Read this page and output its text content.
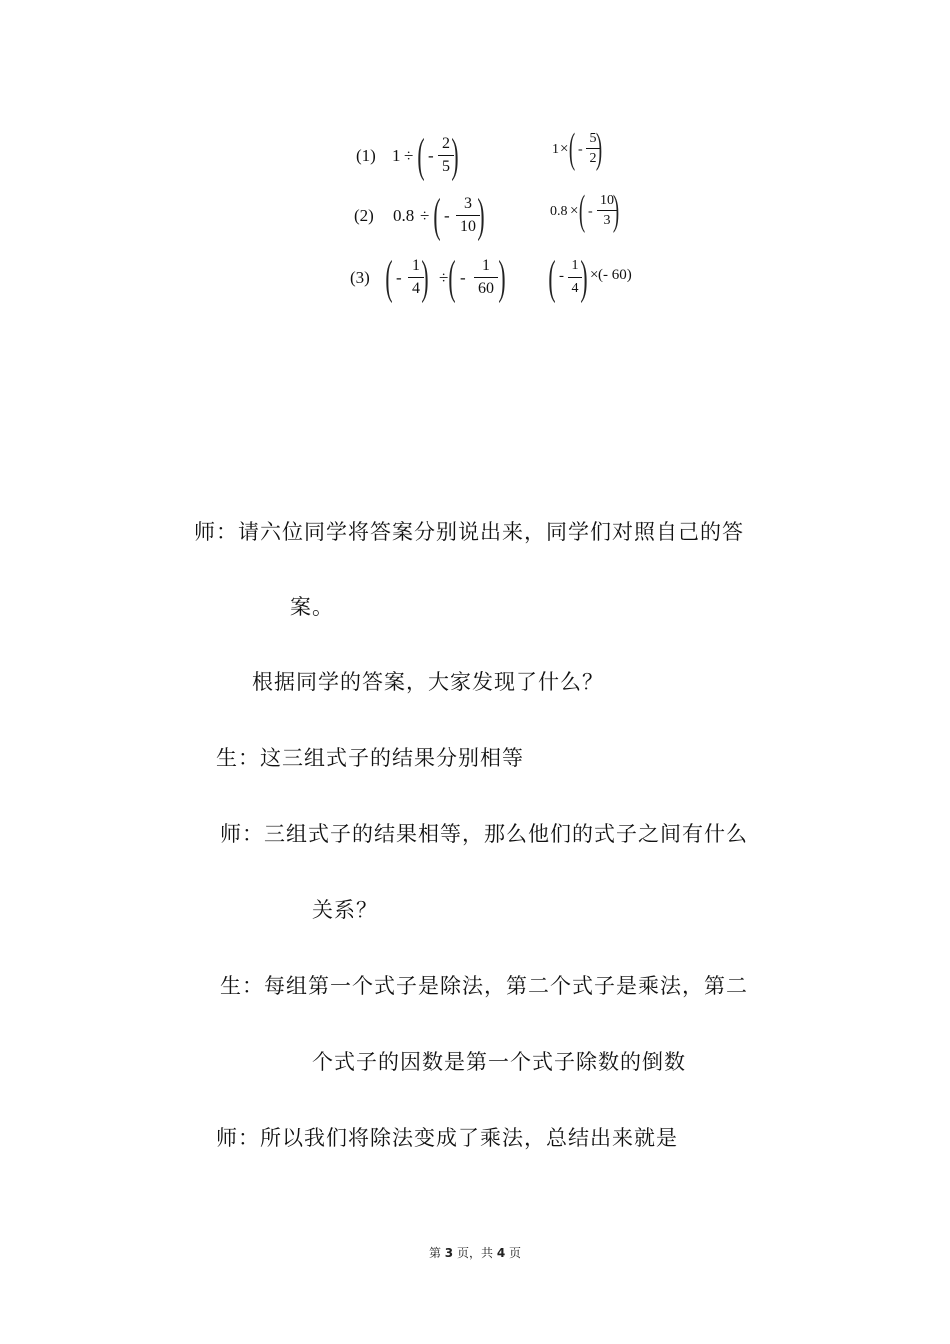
(1) 1 ÷ ( -
2
5 )	1 × ( -
5
2 )
(2) 0.8 ÷ ( -
3
10 )	0.8 × ( -
10
3 )
(3) ( -
1
4 ) ÷ ( -
1
60 ) ( -
1
4 ) × (- 60)
师：请六位同学将答案分别说出来，同学们对照自己的答
案。
根据同学的答案，大家发现了什么？
生：这三组式子的结果分别相等
师：三组式子的结果相等，那么他们的式子之间有什么
关系？
生：每组第一个式子是除法，第二个式子是乘法，第二
个式子的因数是第一个式子除数的倒数
师：所以我们将除法变成了乘法，总结出来就是
第 3 页，共 4 页
